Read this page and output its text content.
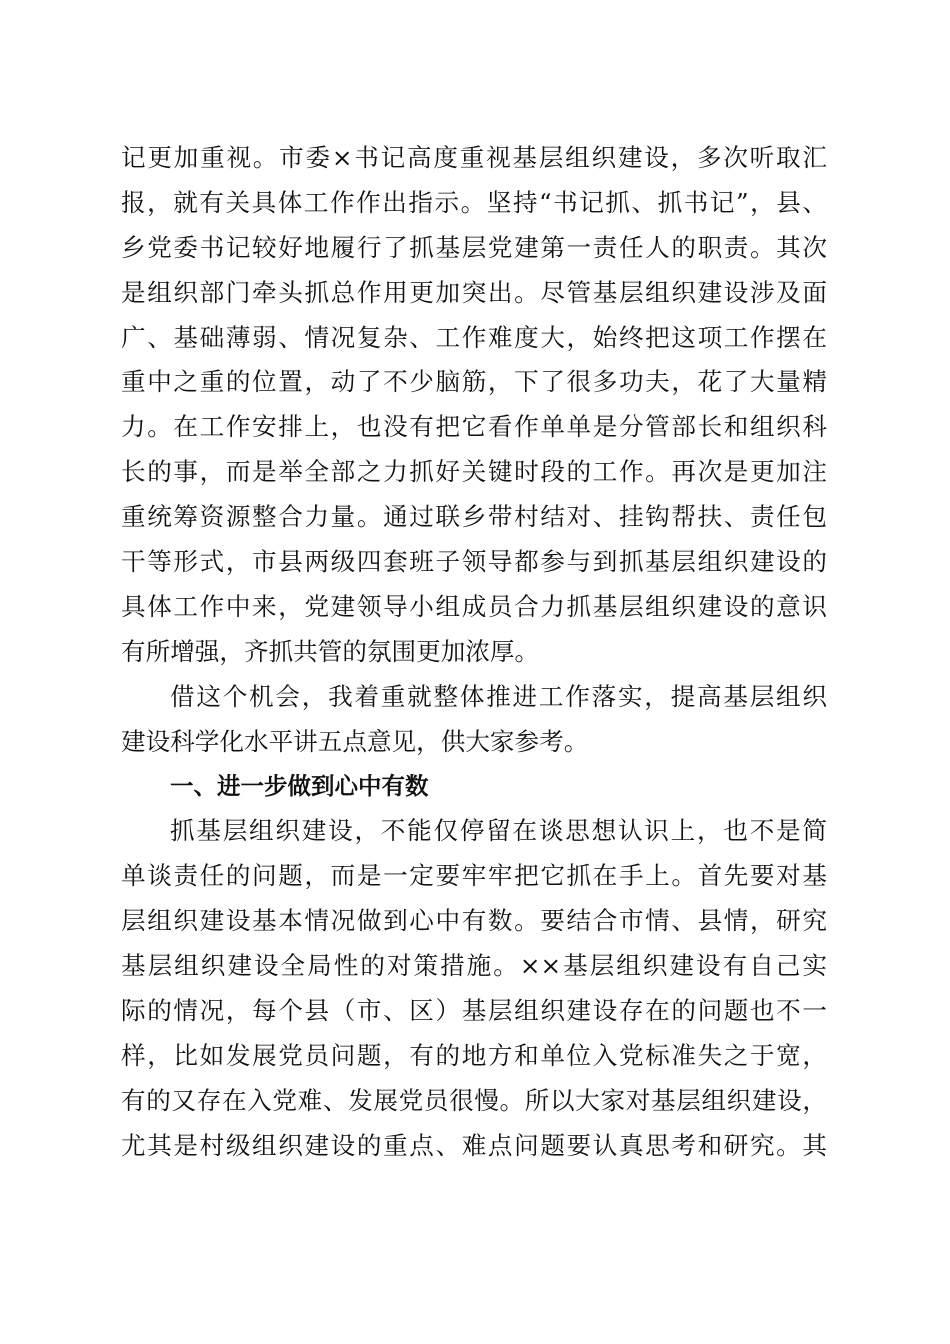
记更加重视。市委×书记高度重视基层组织建设，多次听取汇
报，就有关具体工作作出指示。坚持“书记抓、抓书记”，县、
乡党委书记较好地履行了抓基层党建第一责任人的职责。其次
是组织部门牵头抓总作用更加突出。尽管基层组织建设涉及面
广、基础薄弱、情况复杂、工作难度大，始终把这项工作摆在
重中之重的位置，动了不少脑筋，下了很多功夫，花了大量精
力。在工作安排上，也没有把它看作单单是分管部长和组织科
长的事，而是举全部之力抓好关键时段的工作。再次是更加注
重统筹资源整合力量。通过联乡带村结对、挂钩帮扶、责任包
干等形式，市县两级四套班子领导都参与到抓基层组织建设的
具体工作中来，党建领导小组成员合力抓基层组织建设的意识
有所增强，齐抓共管的氛围更加浓厚。
借这个机会，我着重就整体推进工作落实，提高基层组织
建设科学化水平讲五点意见，供大家参考。
一、进一步做到心中有数
抓基层组织建设，不能仅停留在谈思想认识上，也不是简
单谈责任的问题，而是一定要牢牢把它抓在手上。首先要对基
层组织建设基本情况做到心中有数。要结合市情、县情，研究
基层组织建设全局性的对策措施。××基层组织建设有自己实
际的情况，每个县（市、区）基层组织建设存在的问题也不一
样，比如发展党员问题，有的地方和单位入党标准失之于宽，
有的又存在入党难、发展党员很慢。所以大家对基层组织建设，
尤其是村级组织建设的重点、难点问题要认真思考和研究。其
